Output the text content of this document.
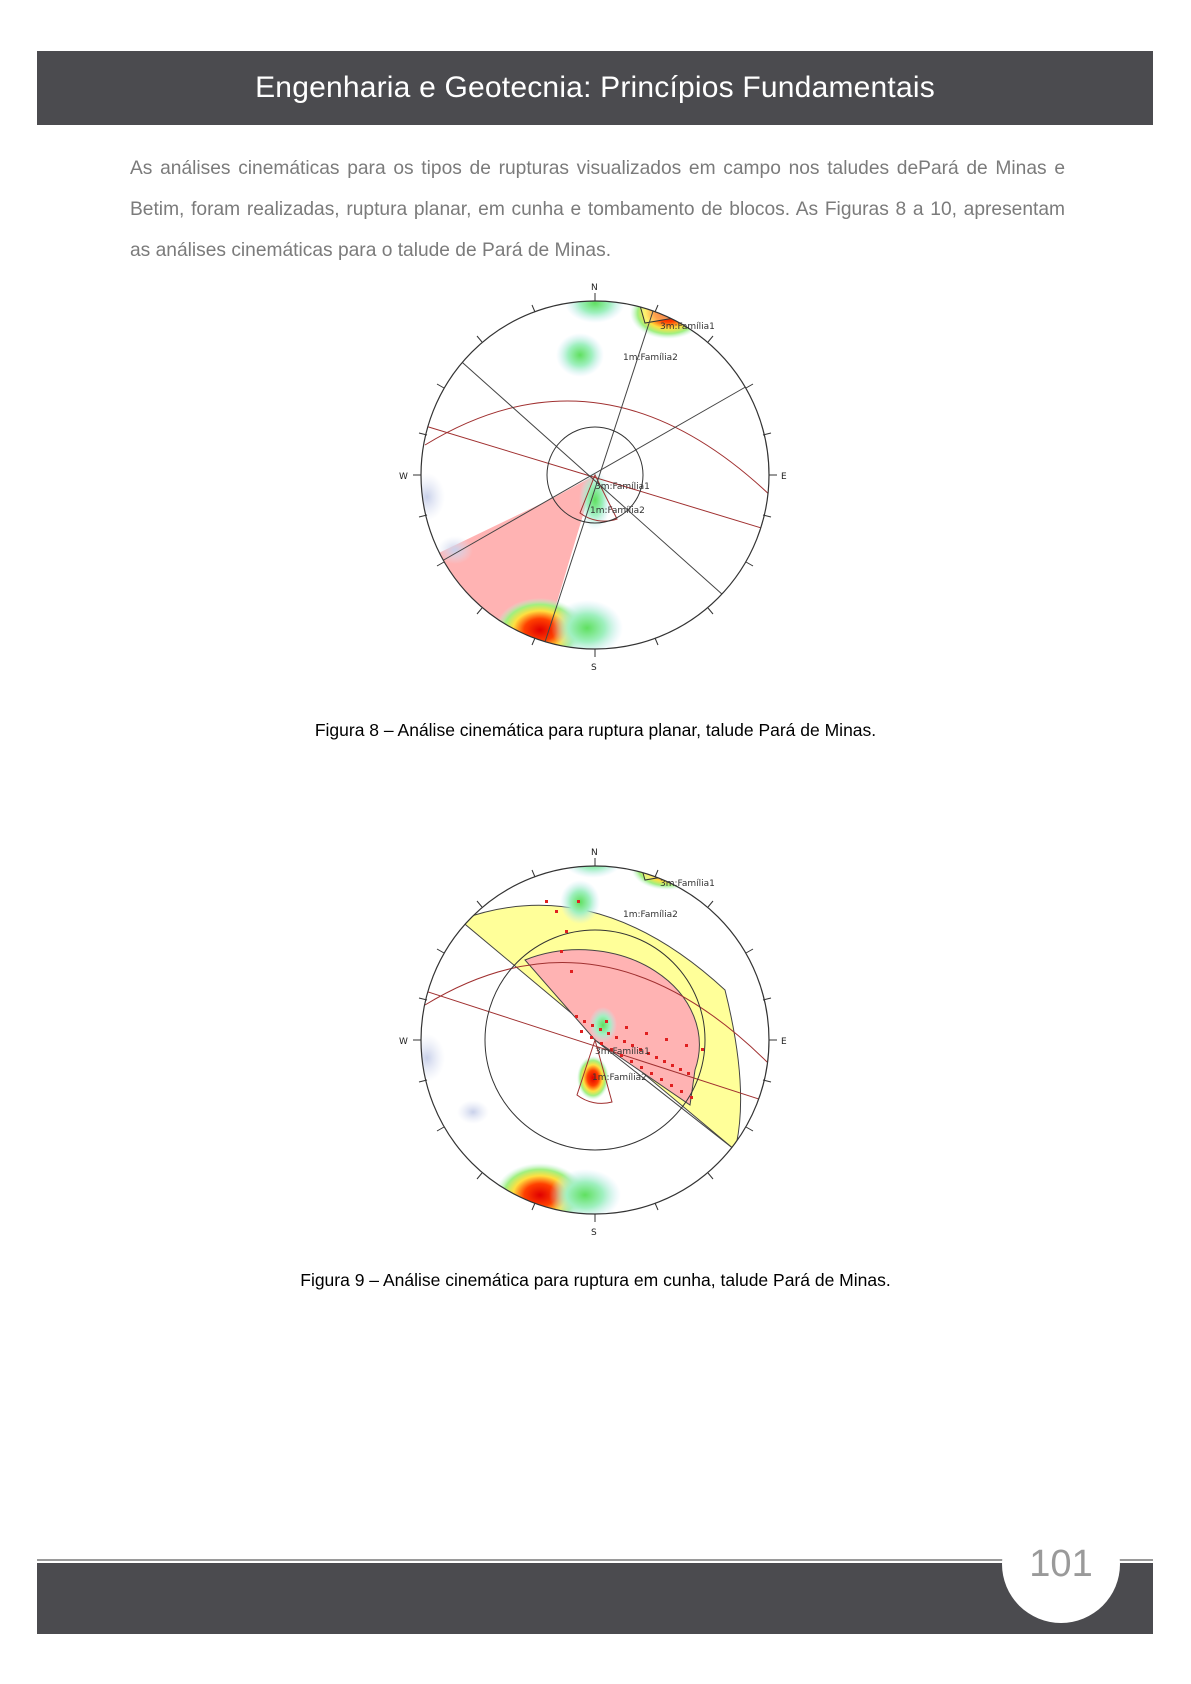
Engenharia e Geotecnia: Princípios Fundamentais

As análises cinemáticas para os tipos de rupturas visualizados em campo nos taludes dePará de Minas e Betim, foram realizadas, ruptura planar, em cunha e tombamento de blocos. As Figuras 8 a 10, apresentam as análises cinemáticas para o talude de Pará de Minas.

N
S
W	E
3m:Família1
1m:Família2
3m:Família1
1m:Família2
Figura 8 – Análise cinemática para ruptura planar, talude Pará de Minas.
N
S
W	E
3m:Família1
1m:Família2
3m:Família1
1m:Família2
Figura 9 – Análise cinemática para ruptura em cunha, talude Pará de Minas.
101
